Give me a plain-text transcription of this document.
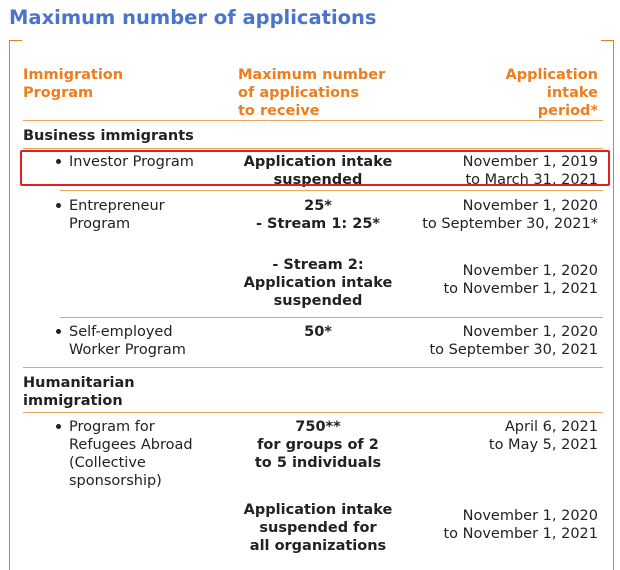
Maximum number of applications
Immigration
Program
Maximum number
of applications
to receive
Application
intake
period*
Business immigrants
Investor Program	Application intake
suspended
November 1, 2019
to March 31, 2021
Entrepreneur
Program
25*
- Stream 1: 25*
November 1, 2020
to September 30, 2021*
- Stream 2:
Application intake
suspended
November 1, 2020
to November 1, 2021
Self-employed
Worker Program
50*	November 1, 2020
to September 30, 2021
Humanitarian
immigration
Program for
Refugees Abroad
(Collective
sponsorship)
750**
for groups of 2
to 5 individuals
April 6, 2021
to May 5, 2021
Application intake
suspended for
all organizations
November 1, 2020
to November 1, 2021
